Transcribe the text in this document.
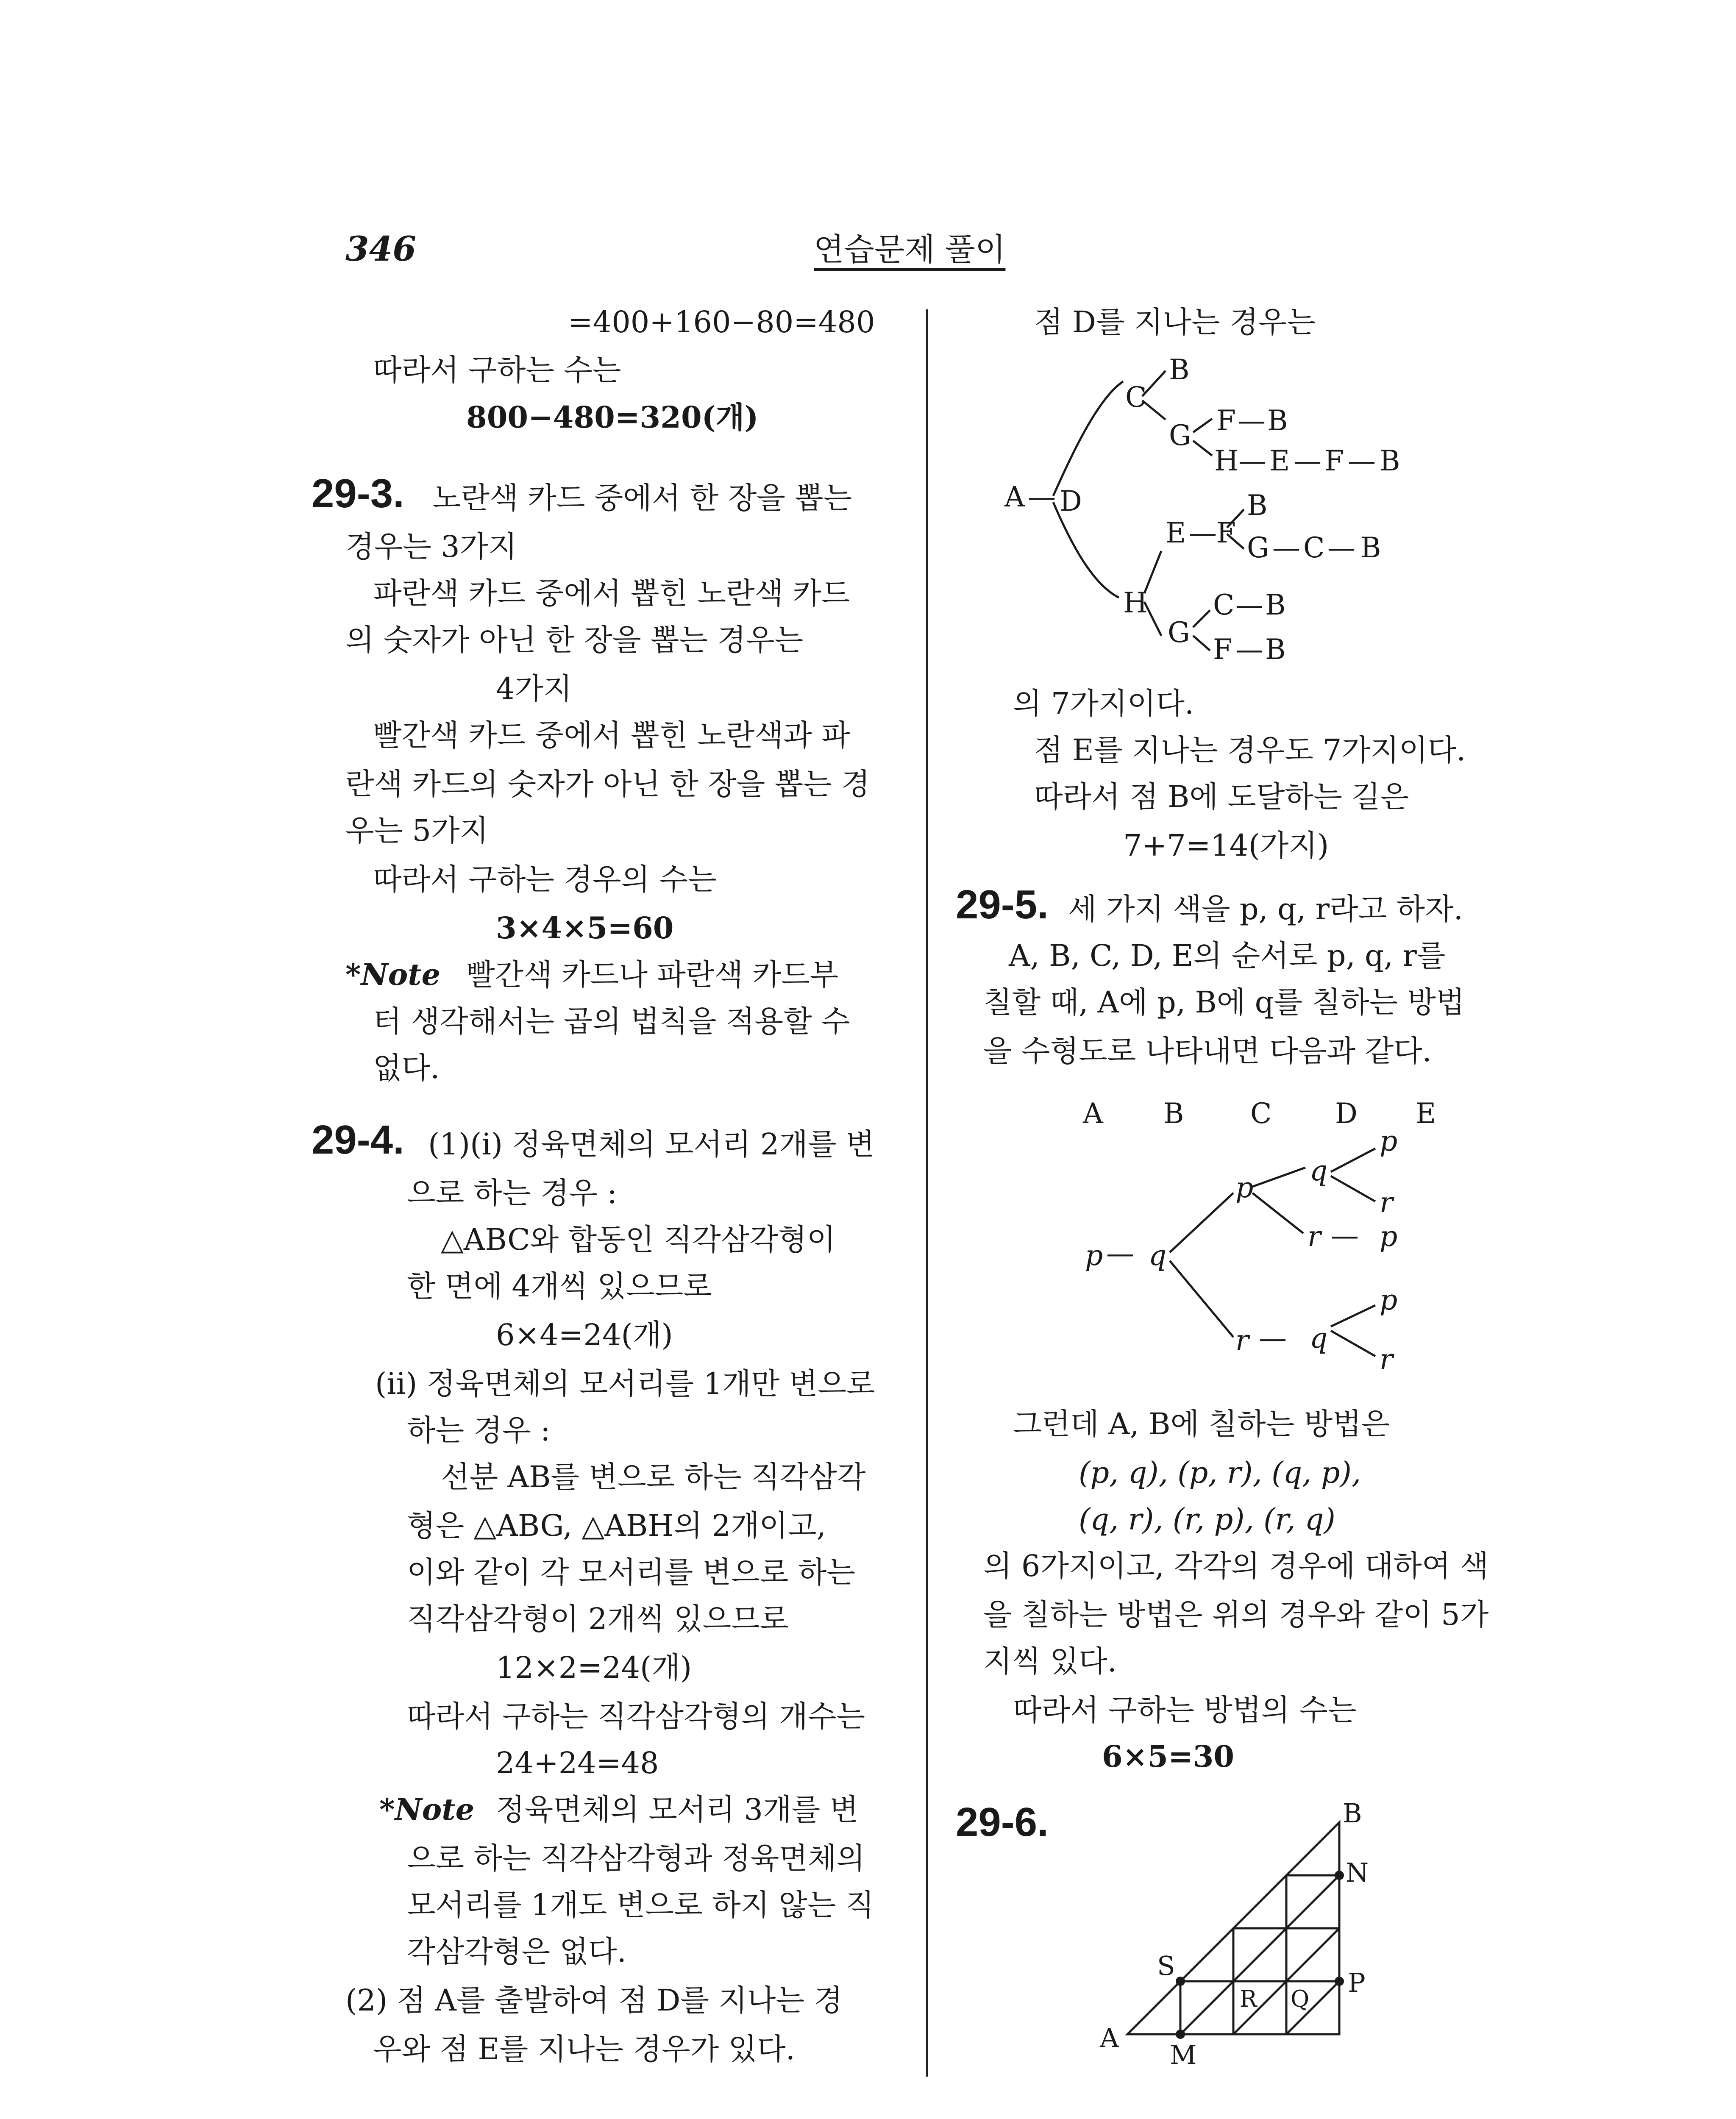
346	연습문제 풀이
=400+160−80=480
따라서 구하는 수는
800−480=320(개)
29-3. 노란색 카드 중에서 한 장을 뽑는
경우는 3가지
파란색 카드 중에서 뽑힌 노란색 카드
의 숫자가 아닌 한 장을 뽑는 경우는
4가지
빨간색 카드 중에서 뽑힌 노란색과 파
란색 카드의 숫자가 아닌 한 장을 뽑는 경
우는 5가지
따라서 구하는 경우의 수는
3×4×5=60
*Note 빨간색 카드나 파란색 카드부
터 생각해서는 곱의 법칙을 적용할 수
없다.
29-4. (1)(i) 정육면체의 모서리 2개를 변
으로 하는 경우 :
△ABC와 합동인 직각삼각형이
한 면에 4개씩 있으므로
6×4=24(개)
(ii) 정육면체의 모서리를 1개만 변으로
하는 경우 :
선분 AB를 변으로 하는 직각삼각
형은 △ABG, △ABH의 2개이고,
이와 같이 각 모서리를 변으로 하는
직각삼각형이 2개씩 있으므로
12×2=24(개)
따라서 구하는 직각삼각형의 개수는
24+24=48
*Note 정육면체의 모서리 3개를 변
으로 하는 직각삼각형과 정육면체의
모서리를 1개도 변으로 하지 않는 직
각삼각형은 없다.
(2) 점 A를 출발하여 점 D를 지나는 경
우와 점 E를 지나는 경우가 있다.
점 D를 지나는 경우는
A — D
C
B
G F — B
H — E — F — B
H
E — F
B
G — C — B
G
C — B
F — B
의 7가지이다.
점 E를 지나는 경우도 7가지이다.
따라서 점 B에 도달하는 길은
7+7=14(가지)
29-5. 세 가지 색을 p, q, r라고 하자.
A, B, C, D, E의 순서로 p, q, r를
칠할 때, A에 p, B에 q를 칠하는 방법
을 수형도로 나타내면 다음과 같다.
A B C D E
p — q
p
q
p
r
r — p
r — q
p
r
그런데 A, B에 칠하는 방법은
(p, q), (p, r), (q, p),
(q, r), (r, p), (r, q)
의 6가지이고, 각각의 경우에 대하여 색
을 칠하는 방법은 위의 경우와 같이 5가
지씩 있다.
따라서 구하는 방법의 수는
6×5=30
29-6.	B
N
S
R Q
P
A
M
